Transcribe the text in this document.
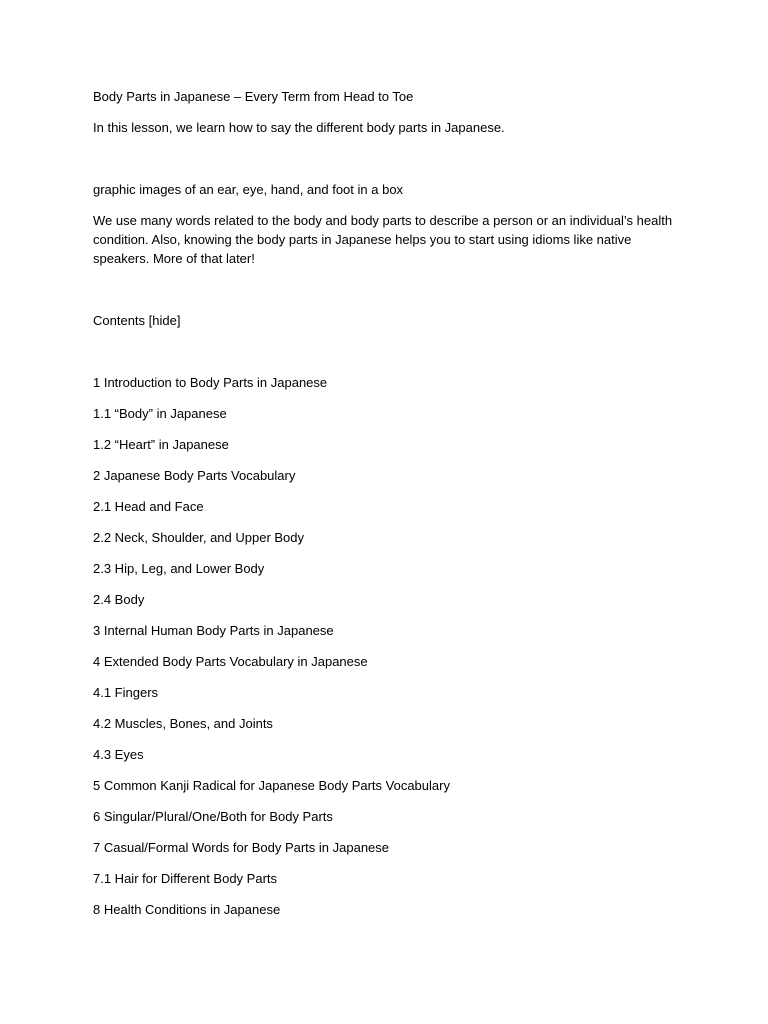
Body Parts in Japanese – Every Term from Head to Toe

In this lesson, we learn how to say the different body parts in Japanese.

graphic images of an ear, eye, hand, and foot in a box

We use many words related to the body and body parts to describe a person or an individual’s health condition. Also, knowing the body parts in Japanese helps you to start using idioms like native speakers. More of that later!

Contents [hide]

1 Introduction to Body Parts in Japanese

1.1 “Body” in Japanese

1.2 “Heart” in Japanese

2 Japanese Body Parts Vocabulary

2.1 Head and Face

2.2 Neck, Shoulder, and Upper Body

2.3 Hip, Leg, and Lower Body

2.4 Body

3 Internal Human Body Parts in Japanese

4 Extended Body Parts Vocabulary in Japanese

4.1 Fingers

4.2 Muscles, Bones, and Joints

4.3 Eyes

5 Common Kanji Radical for Japanese Body Parts Vocabulary

6 Singular/Plural/One/Both for Body Parts

7 Casual/Formal Words for Body Parts in Japanese

7.1 Hair for Different Body Parts

8 Health Conditions in Japanese
